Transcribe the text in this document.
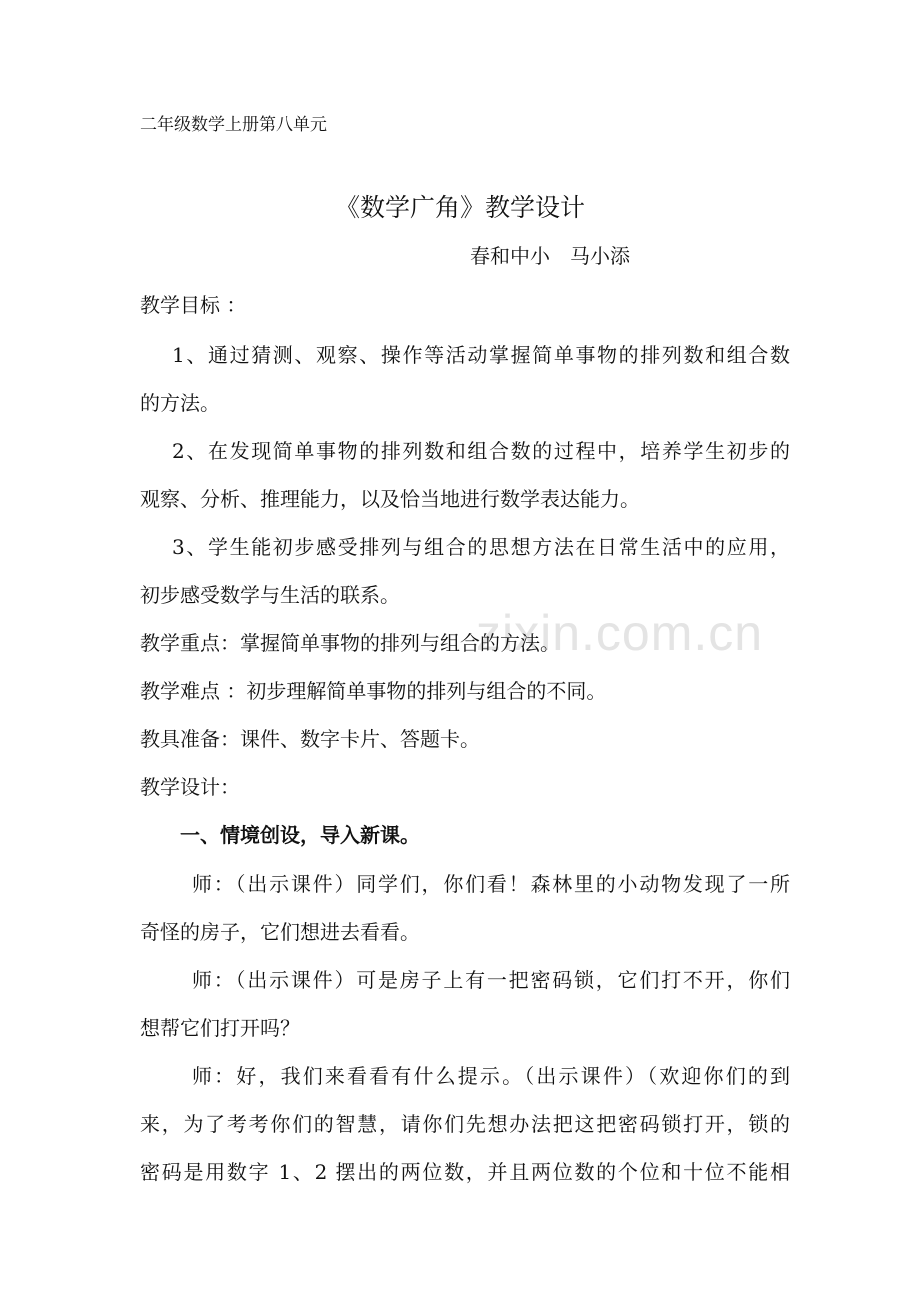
zixin.com.cn
二年级数学上册第八单元
《数学广角》教学设计
春和中小　马小添
教学目标 ：
1、通过猜测、观察、操作等活动掌握简单事物的排列数和组合数
的方法。
2、在发现简单事物的排列数和组合数的过程中，培养学生初步的
观察、分析、推理能力，以及恰当地进行数学表达能力。
3、学生能初步感受排列与组合的思想方法在日常生活中的应用，
初步感受数学与生活的联系。
教学重点：掌握简单事物的排列与组合的方法。
教学难点 ：初步理解简单事物的排列与组合的不同。
教具准备：课件、数字卡片、答题卡。
教学设计：
一、情境创设，导入新课。
师：（出示课件）同学们，你们看！森林里的小动物发现了一所
奇怪的房子，它们想进去看看。
师：（出示课件）可是房子上有一把密码锁，它们打不开，你们
想帮它们打开吗？
师：好，我们来看看有什么提示。（出示课件）（欢迎你们的到
来，为了考考你们的智慧，请你们先想办法把这把密码锁打开，锁的
密码是用数字 1、2 摆出的两位数，并且两位数的个位和十位不能相
